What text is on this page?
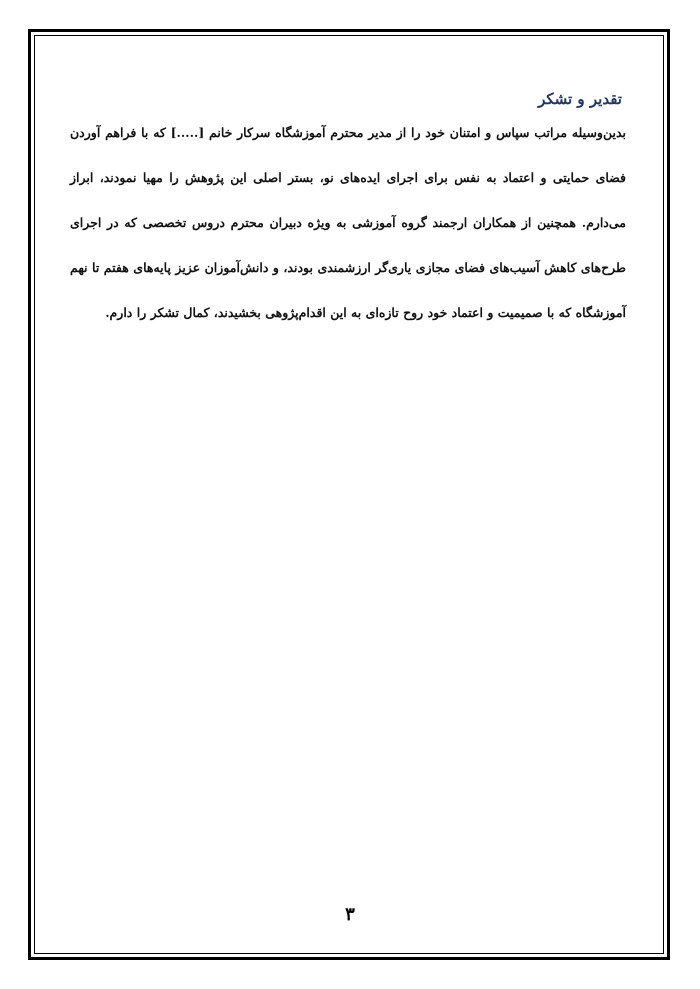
تقدیر و تشکر

بدین‌وسیله مراتب سپاس و امتنان خود را از مدیر محترم آموزشگاه سرکار خانم [.....] که با فراهم آوردن فضای حمایتی و اعتماد به نفس برای اجرای ایده‌های نو، بستر اصلی این پژوهش را مهیا نمودند، ابراز می‌دارم. همچنین از همکاران ارجمند گروه آموزشی به ویژه دبیران محترم دروس تخصصی که در اجرای طرح‌های کاهش آسیب‌های فضای مجازی یاری‌گر ارزشمندی بودند، و دانش‌آموزان عزیز پایه‌های هفتم تا نهم آموزشگاه که با صمیمیت و اعتماد خود روح تازه‌ای به این اقدام‌پژوهی بخشیدند، کمال تشکر را دارم.

۳
